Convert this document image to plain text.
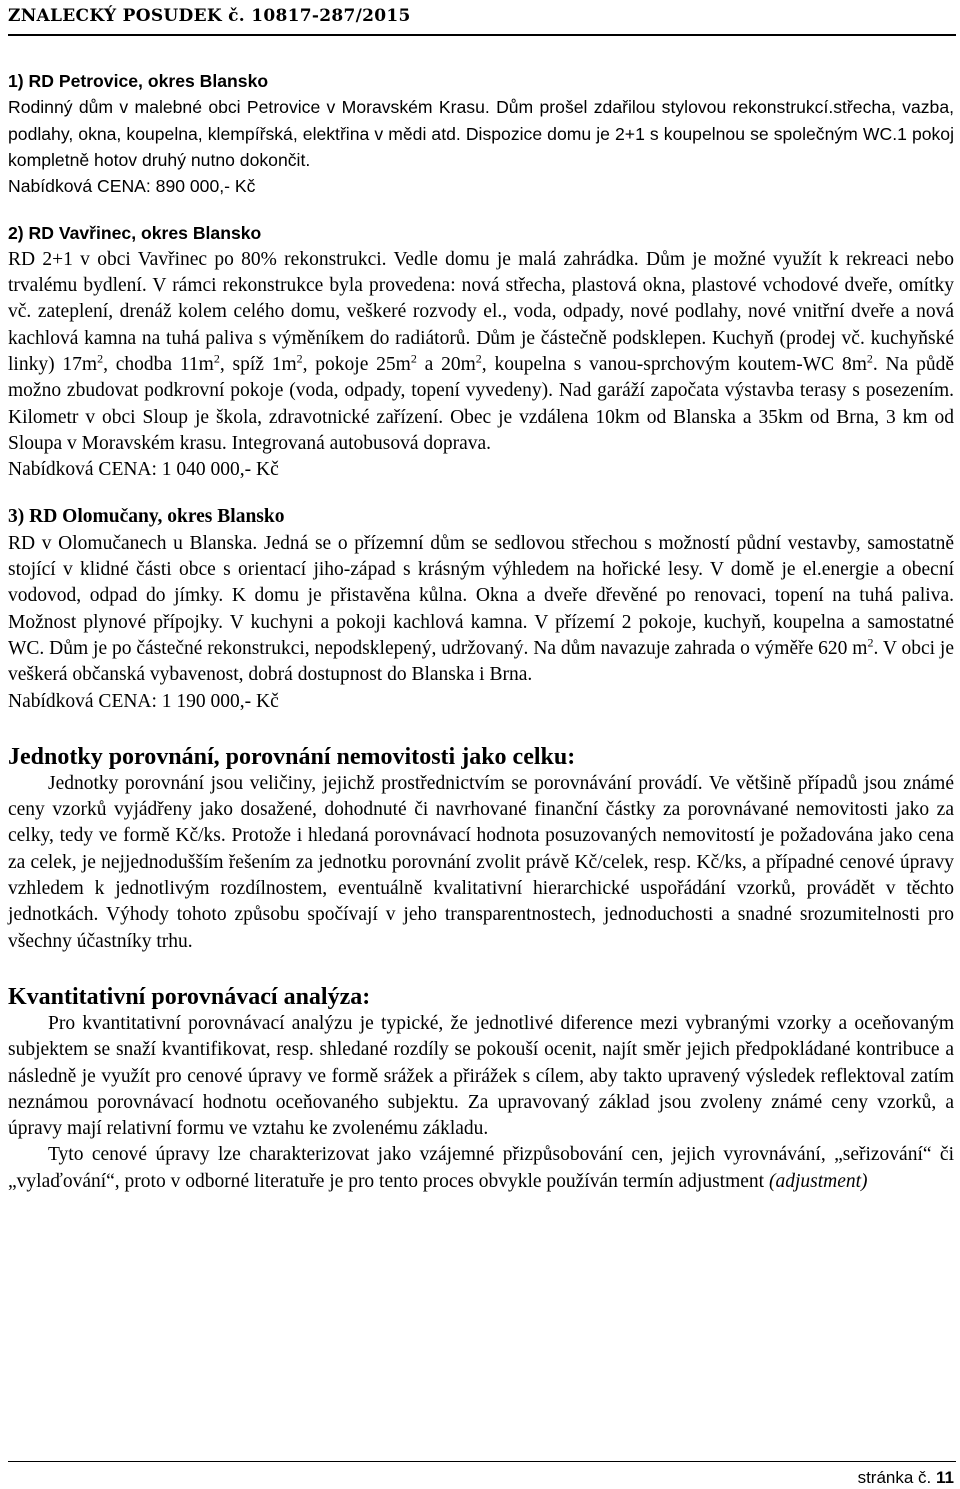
ZNALECKÝ POSUDEK č. 10817-287/2015

1) RD Petrovice, okres Blansko

Rodinný dům v malebné obci Petrovice v Moravském Krasu. Dům prošel zdařilou stylovou rekonstrukcí.střecha, vazba, podlahy, okna, koupelna, klempířská, elektřina v mědi atd. Dispozice domu je 2+1 s koupelnou se společným WC.1 pokoj kompletně hotov druhý nutno dokončit.

Nabídková CENA: 890 000,- Kč

2) RD Vavřinec, okres Blansko

RD 2+1 v obci Vavřinec po 80% rekonstrukci. Vedle domu je malá zahrádka. Dům je možné využít k rekreaci nebo trvalému bydlení. V rámci rekonstrukce byla provedena: nová střecha, plastová okna, plastové vchodové dveře, omítky vč. zateplení, drenáž kolem celého domu, veškeré rozvody el., voda, odpady, nové podlahy, nové vnitřní dveře a nová kachlová kamna na tuhá paliva s výměníkem do radiátorů. Dům je částečně podsklepen. Kuchyň (prodej vč. kuchyňské linky) $17m^2$, chodba $11m^2$, spíž $1m^2$, pokoje $25m^2$ a $20m^2$, koupelna s vanou-sprchovým koutem-WC $8m^2$. Na půdě možno zbudovat podkrovní pokoje (voda, odpady, topení vyvedeny). Nad garáží započata výstavba terasy s posezením. Kilometr v obci Sloup je škola, zdravotnické zařízení. Obec je vzdálena 10km od Blanska a 35km od Brna, 3 km od Sloupa v Moravském krasu. Integrovaná autobusová doprava.

Nabídková CENA: 1 040 000,- Kč

3) RD Olomučany, okres Blansko

RD v Olomučanech u Blanska. Jedná se o přízemní dům se sedlovou střechou s možností půdní vestavby, samostatně stojící v klidné části obce s orientací jiho-západ s krásným výhledem na hořické lesy. V domě je el.energie a obecní vodovod, odpad do jímky. K domu je přistavěna kůlna. Okna a dveře dřevěné po renovaci, topení na tuhá paliva. Možnost plynové přípojky. V kuchyni a pokoji kachlová kamna. V přízemí 2 pokoje, kuchyň, koupelna a samostatné WC. Dům je po částečné rekonstrukci, nepodsklepený, udržovaný. Na dům navazuje zahrada o výměře 620 $m^2$. V obci je veškerá občanská vybavenost, dobrá dostupnost do Blanska i Brna.

Nabídková CENA: 1 190 000,- Kč

Jednotky porovnání, porovnání nemovitosti jako celku:

Jednotky porovnání jsou veličiny, jejichž prostřednictvím se porovnávání provádí. Ve většině případů jsou známé ceny vzorků vyjádřeny jako dosažené, dohodnuté či navrhované finanční částky za porovnávané nemovitosti jako za celky, tedy ve formě Kč/ks. Protože i hledaná porovnávací hodnota posuzovaných nemovitostí je požadována jako cena za celek, je nejjednodušším řešením za jednotku porovnání zvolit právě Kč/celek, resp. Kč/ks, a případné cenové úpravy vzhledem k jednotlivým rozdílnostem, eventuálně kvalitativní hierarchické uspořádání vzorků, provádět v těchto jednotkách. Výhody tohoto způsobu spočívají v jeho transparentnostech, jednoduchosti a snadné srozumitelnosti pro všechny účastníky trhu.

Kvantitativní porovnávací analýza:

Pro kvantitativní porovnávací analýzu je typické, že jednotlivé diference mezi vybranými vzorky a oceňovaným subjektem se snaží kvantifikovat, resp. shledané rozdíly se pokouší ocenit, najít směr jejich předpokládané kontribuce a následně je využít pro cenové úpravy ve formě srážek a přirážek s cílem, aby takto upravený výsledek reflektoval zatím neznámou porovnávací hodnotu oceňovaného subjektu. Za upravovaný základ jsou zvoleny známé ceny vzorků, a úpravy mají relativní formu ve vztahu ke zvolenému základu.

Tyto cenové úpravy lze charakterizovat jako vzájemné přizpůsobování cen, jejich vyrovnávání, „seřizování“ či „vylaďování“, proto v odborné literatuře je pro tento proces obvykle používán termín adjustment (adjustment)

stránka č. 11
